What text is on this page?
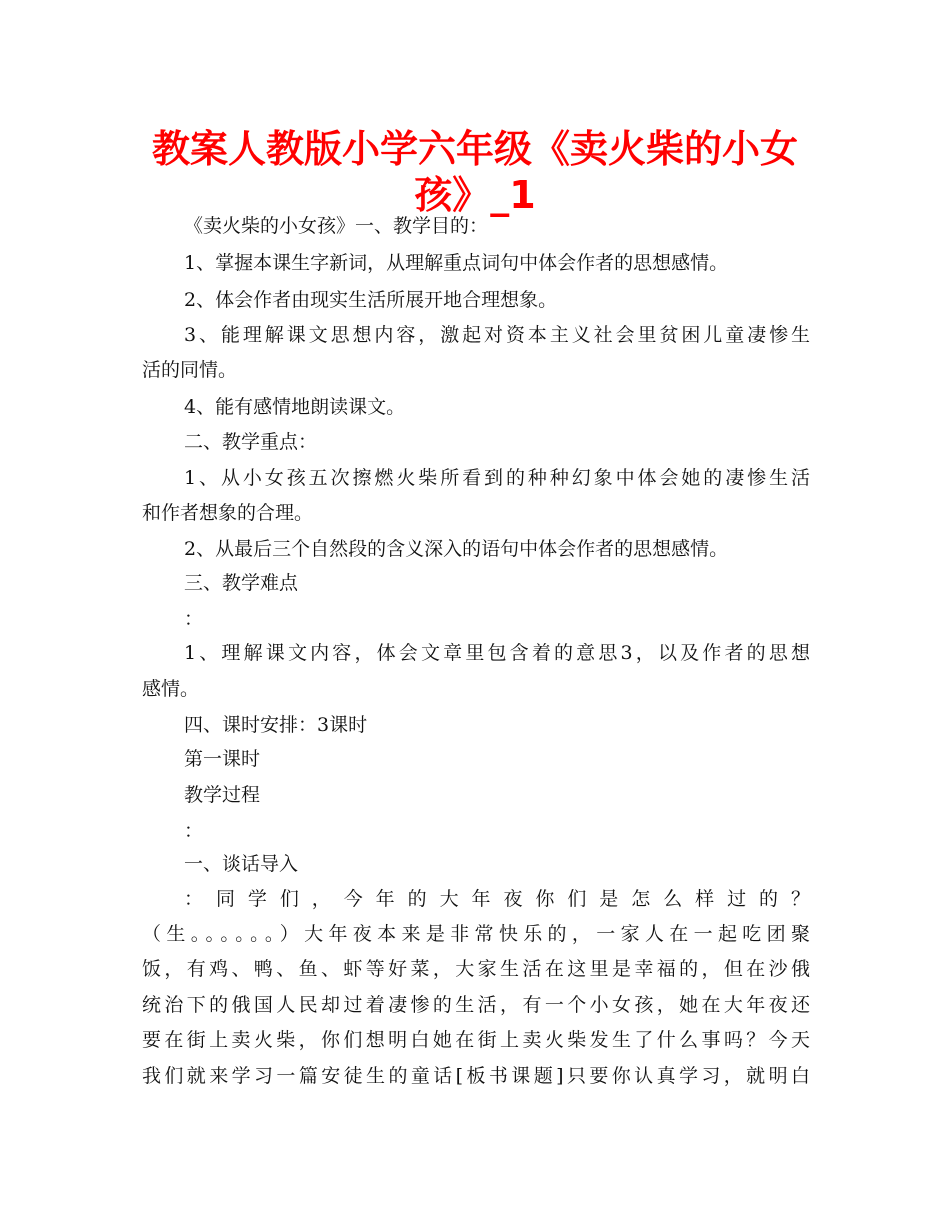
教案人教版小学六年级《卖火柴的小女
孩》_1
《卖火柴的小女孩》一、教学目的：
1、掌握本课生字新词，从理解重点词句中体会作者的思想感情。
2、体会作者由现实生活所展开地合理想象。
3、能理解课文思想内容，激起对资本主义社会里贫困儿童凄惨生
活的同情。
4、能有感情地朗读课文。
二、教学重点：
1、从小女孩五次擦燃火柴所看到的种种幻象中体会她的凄惨生活
和作者想象的合理。
2、从最后三个自然段的含义深入的语句中体会作者的思想感情。
三、教学难点
：
1、理解课文内容，体会文章里包含着的意思3，以及作者的思想
感情。
四、课时安排：3课时
第一课时
教学过程
：
一、谈话导入
：同学们，今年的大年夜你们是怎么样过的？
（生。。。。。。）大年夜本来是非常快乐的，一家人在一起吃团聚
饭，有鸡、鸭、鱼、虾等好菜，大家生活在这里是幸福的，但在沙俄
统治下的俄国人民却过着凄惨的生活，有一个小女孩，她在大年夜还
要在街上卖火柴，你们想明白她在街上卖火柴发生了什么事吗？今天
我们就来学习一篇安徒生的童话[板书课题]只要你认真学习，就明白
